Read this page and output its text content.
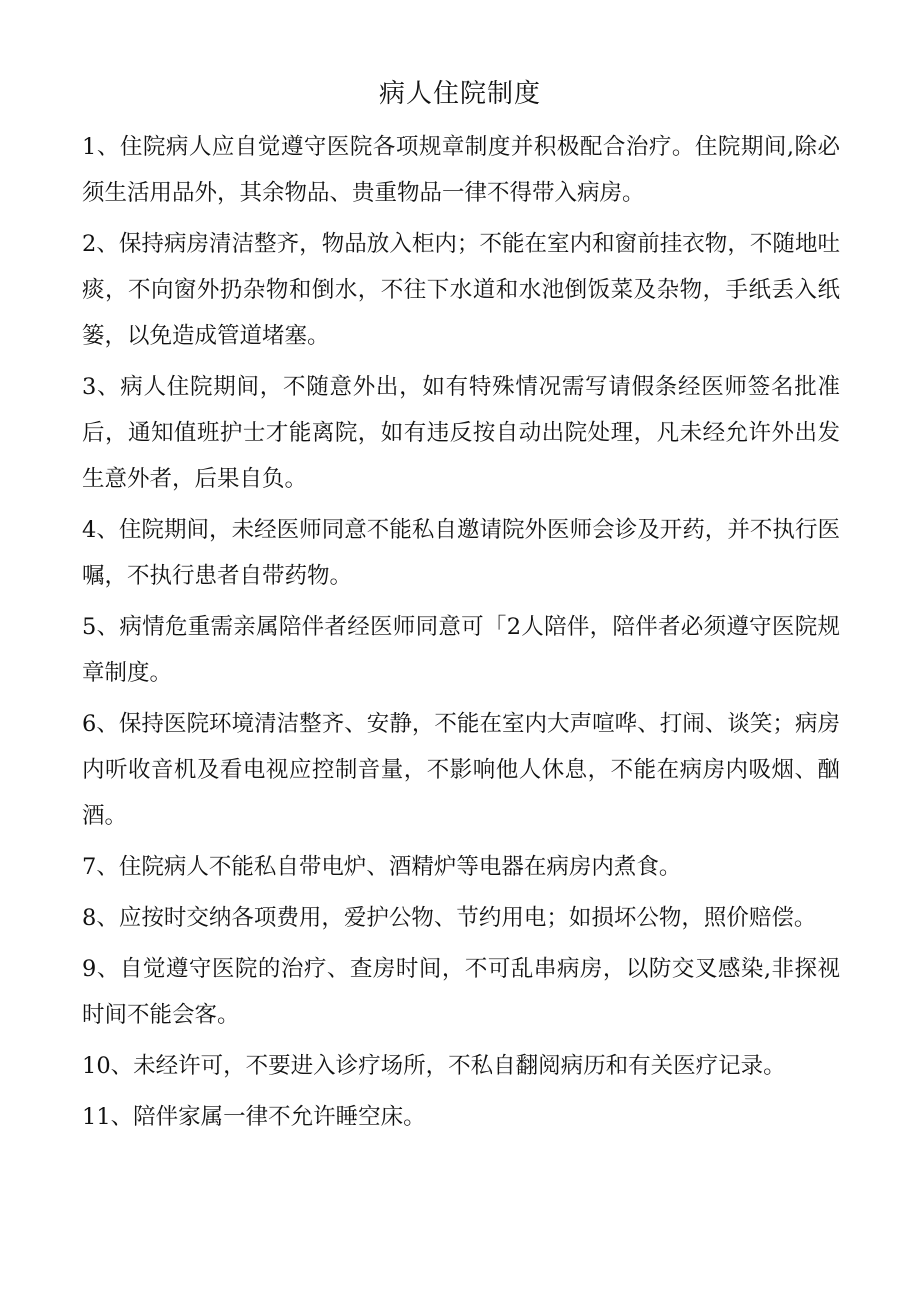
病人住院制度
1、住院病人应自觉遵守医院各项规章制度并积极配合治疗。住院期间,除必须生活用品外，其余物品、贵重物品一律不得带入病房。
2、保持病房清洁整齐，物品放入柜内；不能在室内和窗前挂衣物，不随地吐痰，不向窗外扔杂物和倒水，不往下水道和水池倒饭菜及杂物，手纸丢入纸篓，以免造成管道堵塞。
3、病人住院期间，不随意外出，如有特殊情况需写请假条经医师签名批准后，通知值班护士才能离院，如有违反按自动出院处理，凡未经允许外出发生意外者，后果自负。
4、住院期间，未经医师同意不能私自邀请院外医师会诊及开药，并不执行医嘱，不执行患者自带药物。
5、病情危重需亲属陪伴者经医师同意可「2人陪伴，陪伴者必须遵守医院规章制度。
6、保持医院环境清洁整齐、安静，不能在室内大声喧哗、打闹、谈笑；病房内听收音机及看电视应控制音量，不影响他人休息，不能在病房内吸烟、酗酒。
7、住院病人不能私自带电炉、酒精炉等电器在病房内煮食。
8、应按时交纳各项费用，爱护公物、节约用电；如损坏公物，照价赔偿。
9、自觉遵守医院的治疗、查房时间，不可乱串病房，以防交叉感染,非探视时间不能会客。
10、未经许可，不要进入诊疗场所，不私自翻阅病历和有关医疗记录。
11、陪伴家属一律不允许睡空床。
